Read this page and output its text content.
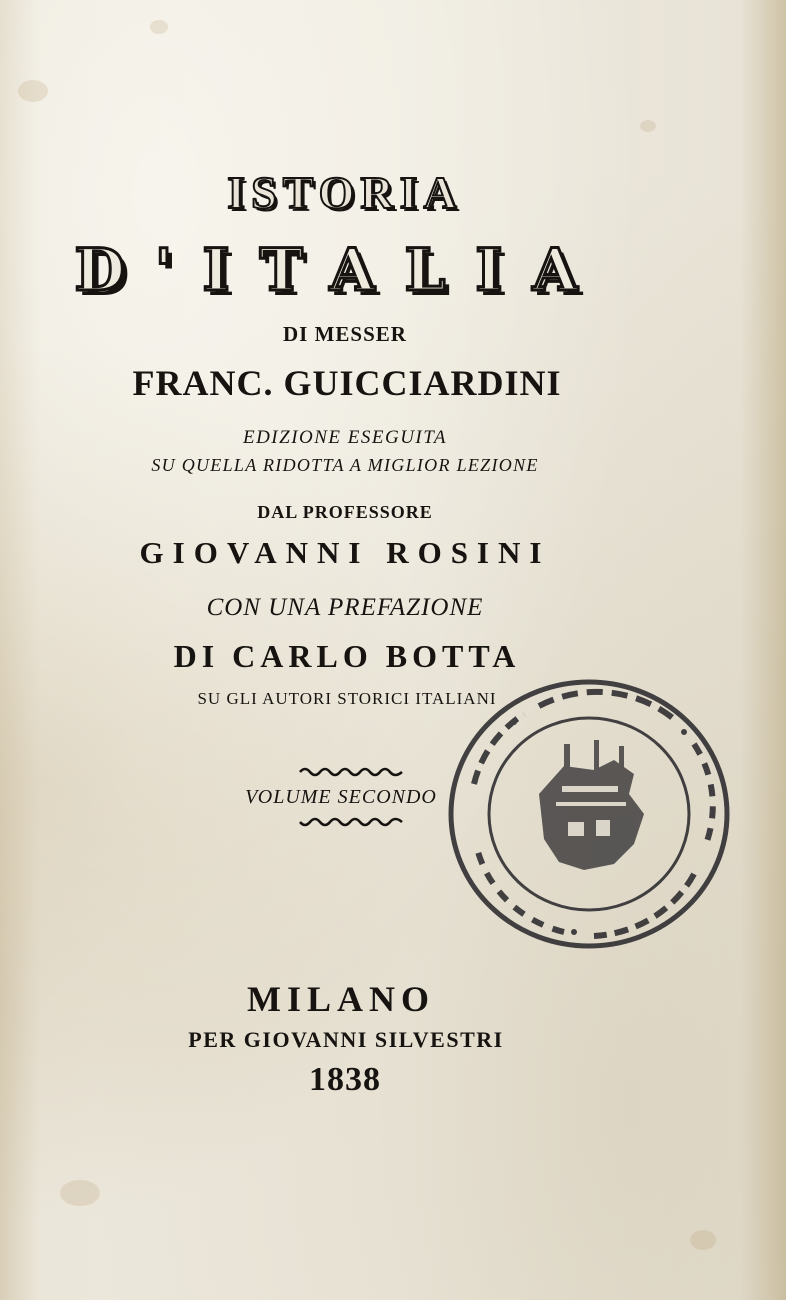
ISTORIA
D'ITALIA
DI MESSER
FRANC. GUICCIARDINI
EDIZIONE ESEGUITA
SU QUELLA RIDOTTA A MIGLIOR LEZIONE
DAL PROFESSORE
GIOVANNI ROSINI
CON UNA PREFAZIONE
DI CARLO BOTTA
SU GLI AUTORI STORICI ITALIANI
VOLUME SECONDO
MILANO
PER GIOVANNI SILVESTRI
1838
